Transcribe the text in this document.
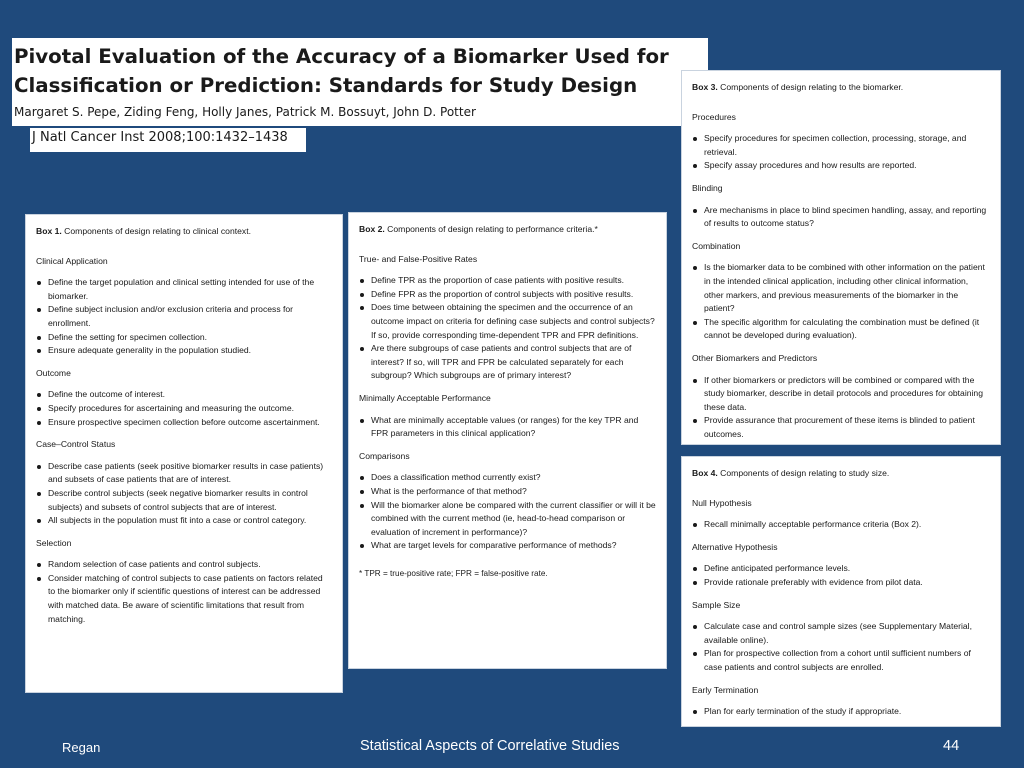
Pivotal Evaluation of the Accuracy of a Biomarker Used for
Classification or Prediction: Standards for Study Design
Margaret S. Pepe, Ziding Feng, Holly Janes, Patrick M. Bossuyt, John D. Potter
J Natl Cancer Inst 2008;100:1432–1438
Box 1. Components of design relating to clinical context.
Clinical Application
Define the target population and clinical setting intended for use of the biomarker.
Define subject inclusion and/or exclusion criteria and process for enrollment.
Define the setting for specimen collection.
Ensure adequate generality in the population studied.
Outcome
Define the outcome of interest.
Specify procedures for ascertaining and measuring the outcome.
Ensure prospective specimen collection before outcome ascertainment.
Case–Control Status
Describe case patients (seek positive biomarker results in case patients) and subsets of case patients that are of interest.
Describe control subjects (seek negative biomarker results in control subjects) and subsets of control subjects that are of interest.
All subjects in the population must fit into a case or control category.
Selection
Random selection of case patients and control subjects.
Consider matching of control subjects to case patients on factors related to the biomarker only if scientific questions of interest can be addressed with matched data. Be aware of scientific limitations that result from matching.
Box 2. Components of design relating to performance criteria.*
True- and False-Positive Rates
Define TPR as the proportion of case patients with positive results.
Define FPR as the proportion of control subjects with positive results.
Does time between obtaining the specimen and the occurrence of an outcome impact on criteria for defining case subjects and control subjects? If so, provide corresponding time-dependent TPR and FPR definitions.
Are there subgroups of case patients and control subjects that are of interest? If so, will TPR and FPR be calculated separately for each subgroup? Which subgroups are of primary interest?
Minimally Acceptable Performance
What are minimally acceptable values (or ranges) for the key TPR and FPR parameters in this clinical application?
Comparisons
Does a classification method currently exist?
What is the performance of that method?
Will the biomarker alone be compared with the current classifier or will it be combined with the current method (ie, head-to-head comparison or evaluation of increment in performance)?
What are target levels for comparative performance of methods?
* TPR = true-positive rate; FPR = false-positive rate.
Box 3. Components of design relating to the biomarker.
Procedures
Specify procedures for specimen collection, processing, storage, and retrieval.
Specify assay procedures and how results are reported.
Blinding
Are mechanisms in place to blind specimen handling, assay, and reporting of results to outcome status?
Combination
Is the biomarker data to be combined with other information on the patient in the intended clinical application, including other clinical information, other markers, and previous measurements of the biomarker in the patient?
The specific algorithm for calculating the combination must be defined (it cannot be developed during evaluation).
Other Biomarkers and Predictors
If other biomarkers or predictors will be combined or compared with the study biomarker, describe in detail protocols and procedures for obtaining these data.
Provide assurance that procurement of these items is blinded to patient outcomes.
Box 4. Components of design relating to study size.
Null Hypothesis
Recall minimally acceptable performance criteria (Box 2).
Alternative Hypothesis
Define anticipated performance levels.
Provide rationale preferably with evidence from pilot data.
Sample Size
Calculate case and control sample sizes (see Supplementary Material, available online).
Plan for prospective collection from a cohort until sufficient numbers of case patients and control subjects are enrolled.
Early Termination
Plan for early termination of the study if appropriate.
Regan	Statistical Aspects of Correlative Studies	44
